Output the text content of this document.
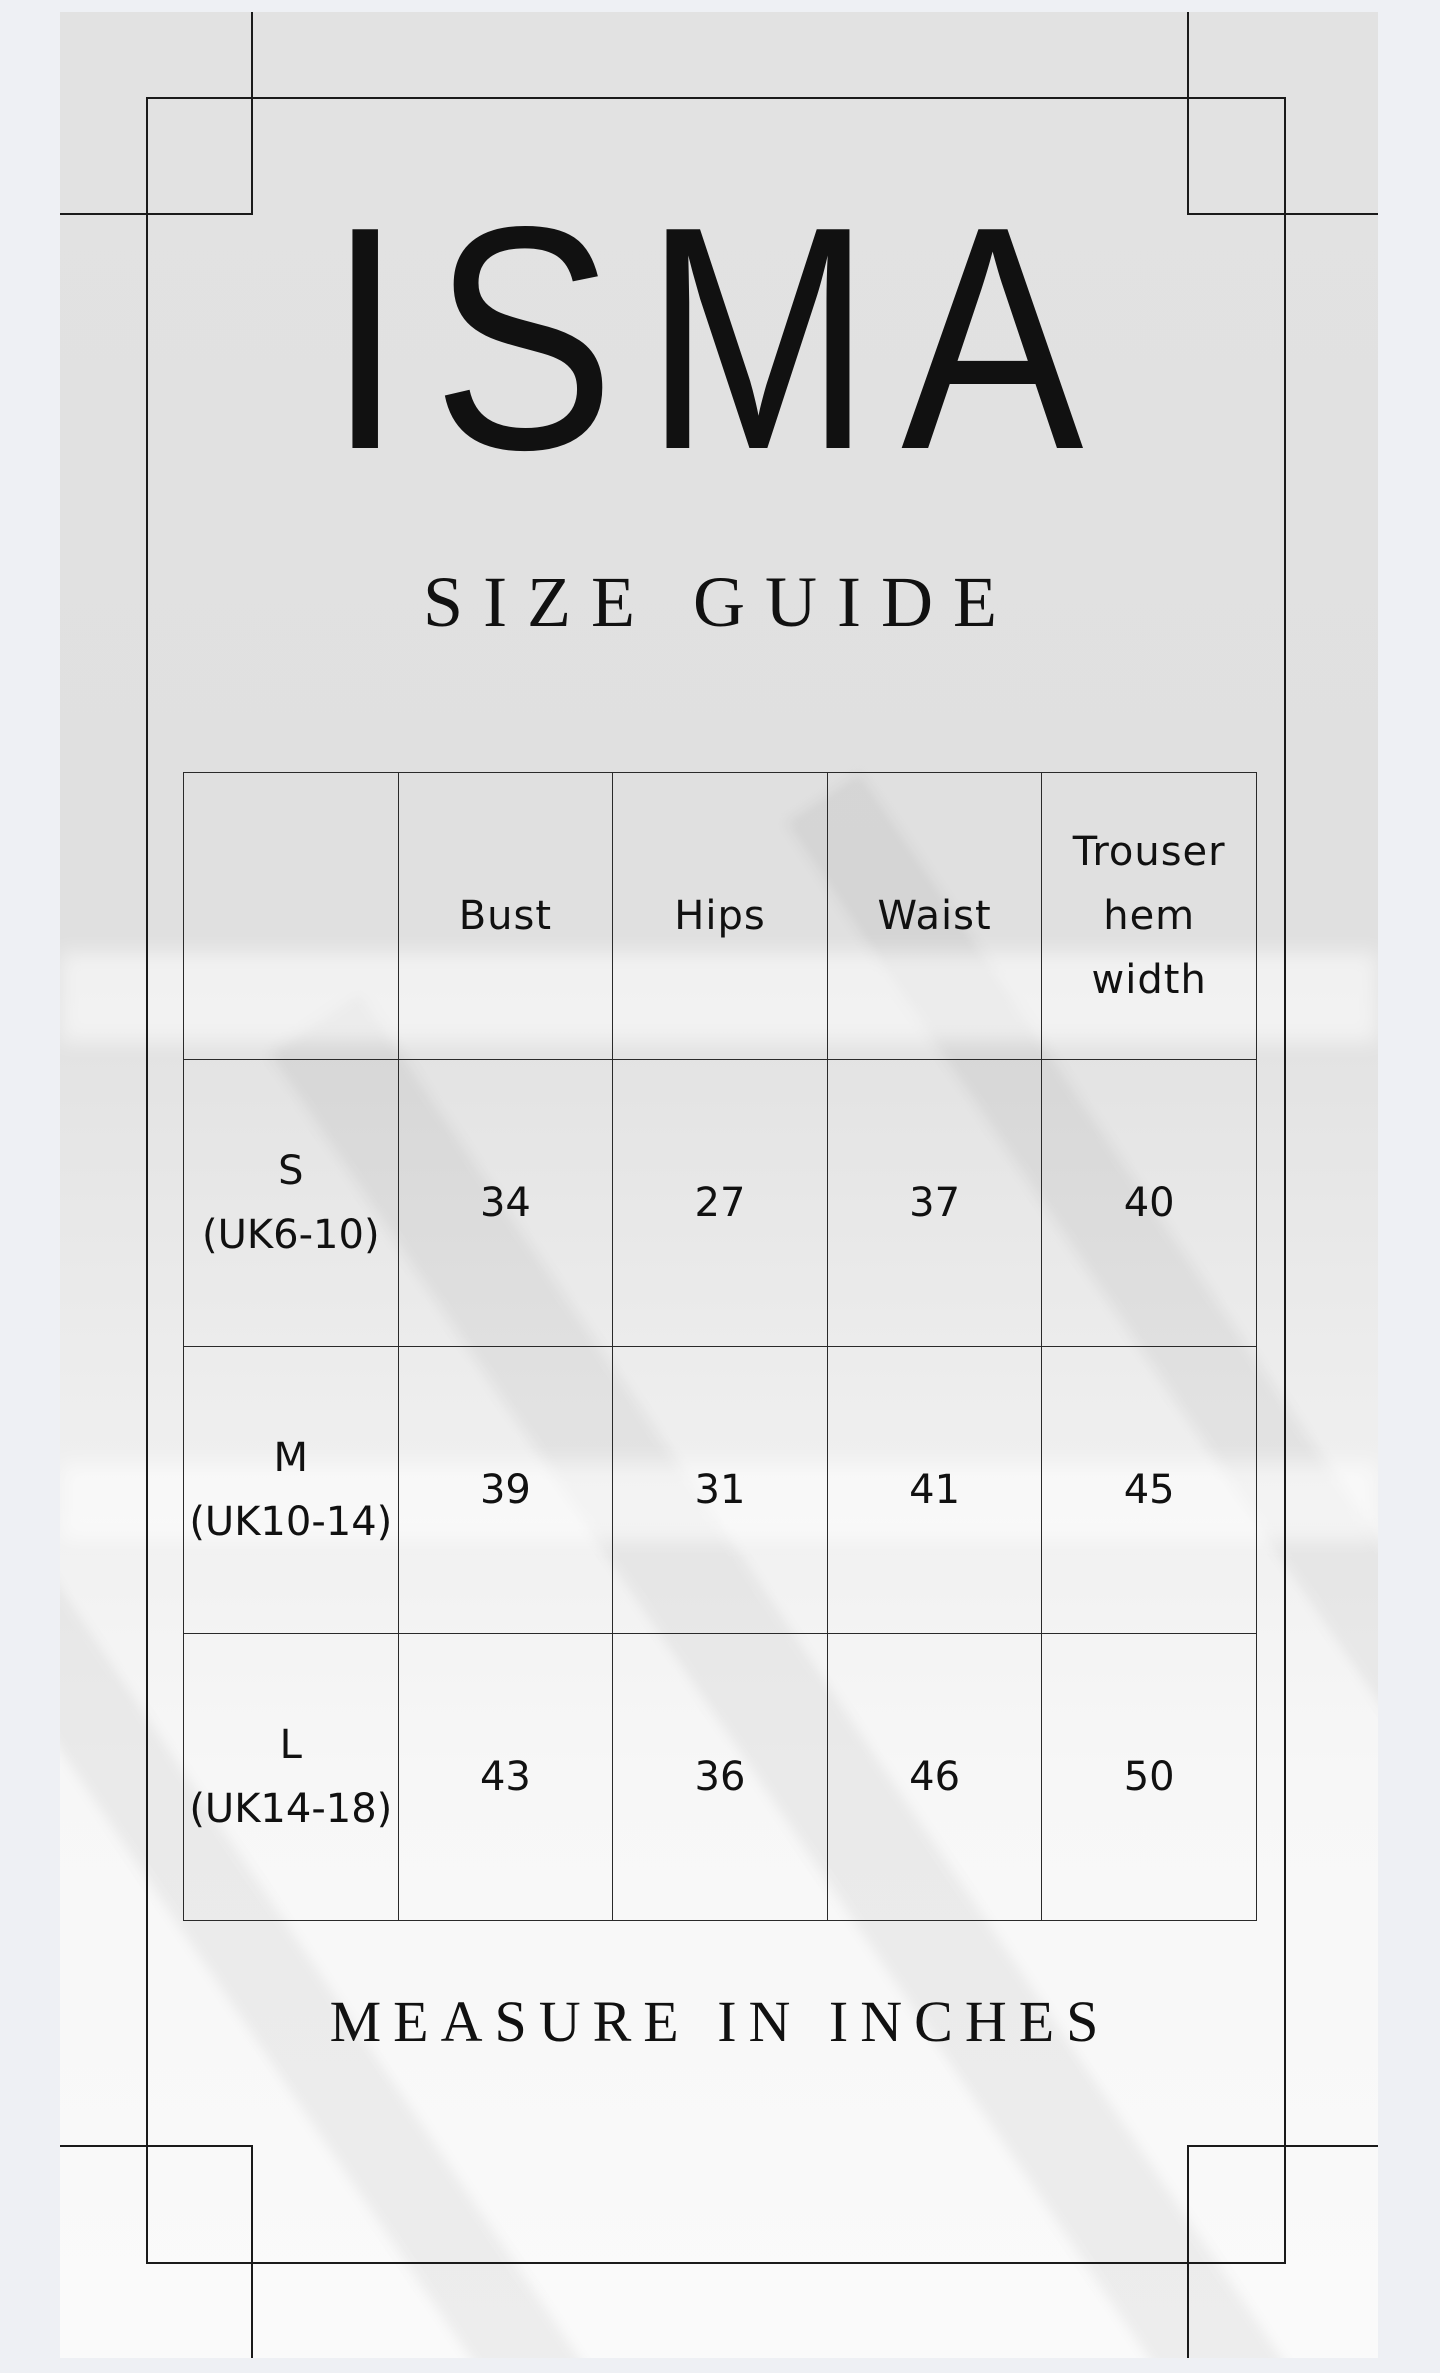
ISMA
SIZE GUIDE
	Bust	Hips	Waist	Trouser
hem
width

S
(UK6-10)	34	27	37	40

M
(UK10-14)	39	31	41	45

L
(UK14-18)	43	36	46	50
MEASURE IN INCHES
